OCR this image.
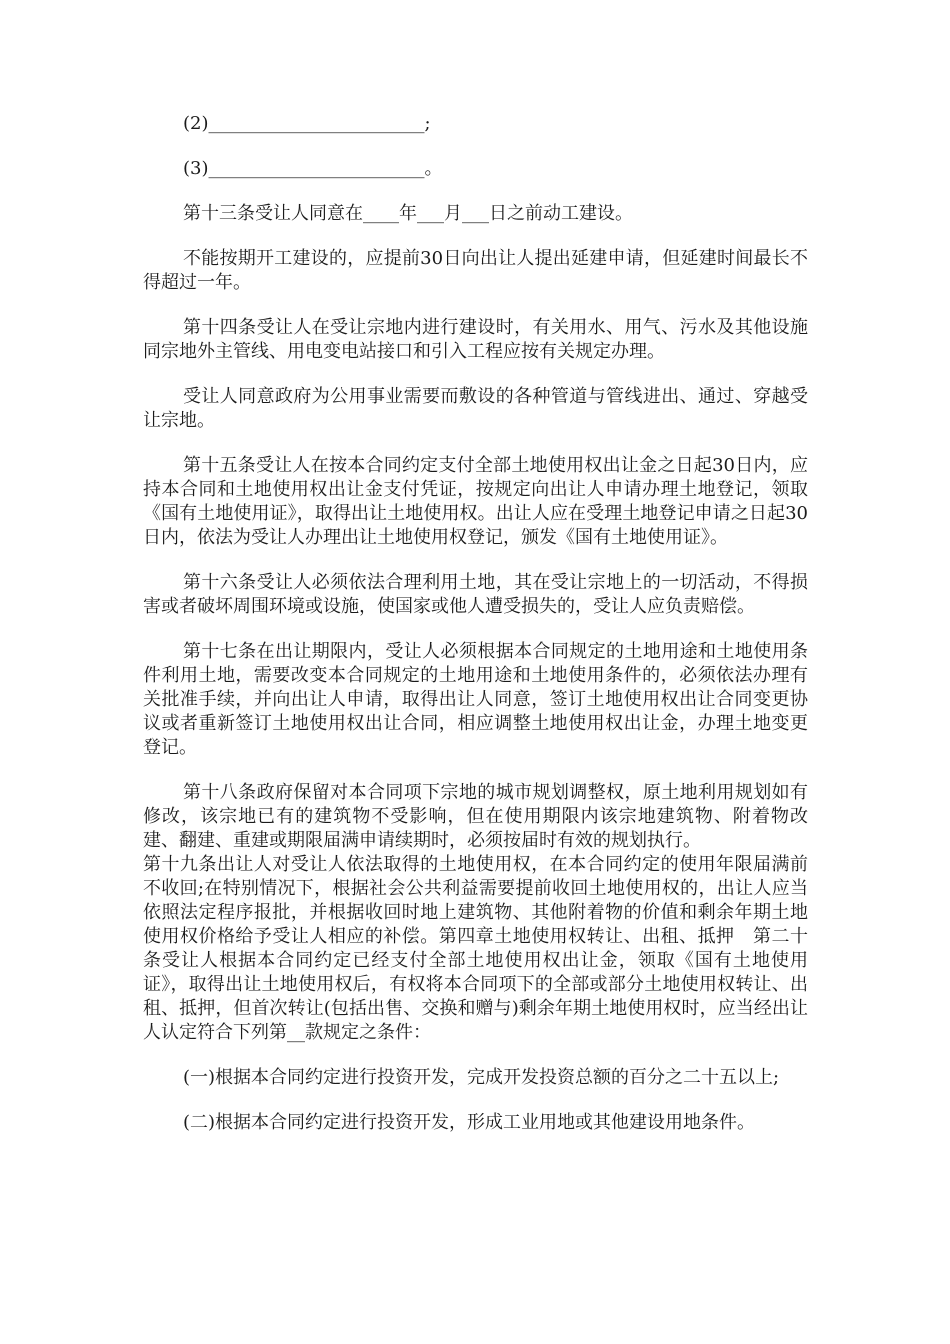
(2)________________________;

(3)________________________。

第十三条受让人同意在____年___月___日之前动工建设。

不能按期开工建设的，应提前30日向出让人提出延建申请，但延建时间最长不得超过一年。

第十四条受让人在受让宗地内进行建设时，有关用水、用气、污水及其他设施同宗地外主管线、用电变电站接口和引入工程应按有关规定办理。

受让人同意政府为公用事业需要而敷设的各种管道与管线进出、通过、穿越受让宗地。

第十五条受让人在按本合同约定支付全部土地使用权出让金之日起30日内，应持本合同和土地使用权出让金支付凭证，按规定向出让人申请办理土地登记，领取《国有土地使用证》，取得出让土地使用权。出让人应在受理土地登记申请之日起30日内，依法为受让人办理出让土地使用权登记，颁发《国有土地使用证》。

第十六条受让人必须依法合理利用土地，其在受让宗地上的一切活动，不得损害或者破坏周围环境或设施，使国家或他人遭受损失的，受让人应负责赔偿。

第十七条在出让期限内，受让人必须根据本合同规定的土地用途和土地使用条件利用土地，需要改变本合同规定的土地用途和土地使用条件的，必须依法办理有关批准手续，并向出让人申请，取得出让人同意，签订土地使用权出让合同变更协议或者重新签订土地使用权出让合同，相应调整土地使用权出让金，办理土地变更登记。

第十八条政府保留对本合同项下宗地的城市规划调整权，原土地利用规划如有修改，该宗地已有的建筑物不受影响，但在使用期限内该宗地建筑物、附着物改建、翻建、重建或期限届满申请续期时，必须按届时有效的规划执行。

第十九条出让人对受让人依法取得的土地使用权，在本合同约定的使用年限届满前不收回;在特别情况下，根据社会公共利益需要提前收回土地使用权的，出让人应当依照法定程序报批，并根据收回时地上建筑物、其他附着物的价值和剩余年期土地使用权价格给予受让人相应的补偿。第四章土地使用权转让、出租、抵押　第二十条受让人根据本合同约定已经支付全部土地使用权出让金，领取《国有土地使用证》，取得出让土地使用权后，有权将本合同项下的全部或部分土地使用权转让、出租、抵押，但首次转让(包括出售、交换和赠与)剩余年期土地使用权时，应当经出让人认定符合下列第__款规定之条件：

(一)根据本合同约定进行投资开发，完成开发投资总额的百分之二十五以上;

(二)根据本合同约定进行投资开发，形成工业用地或其他建设用地条件。
